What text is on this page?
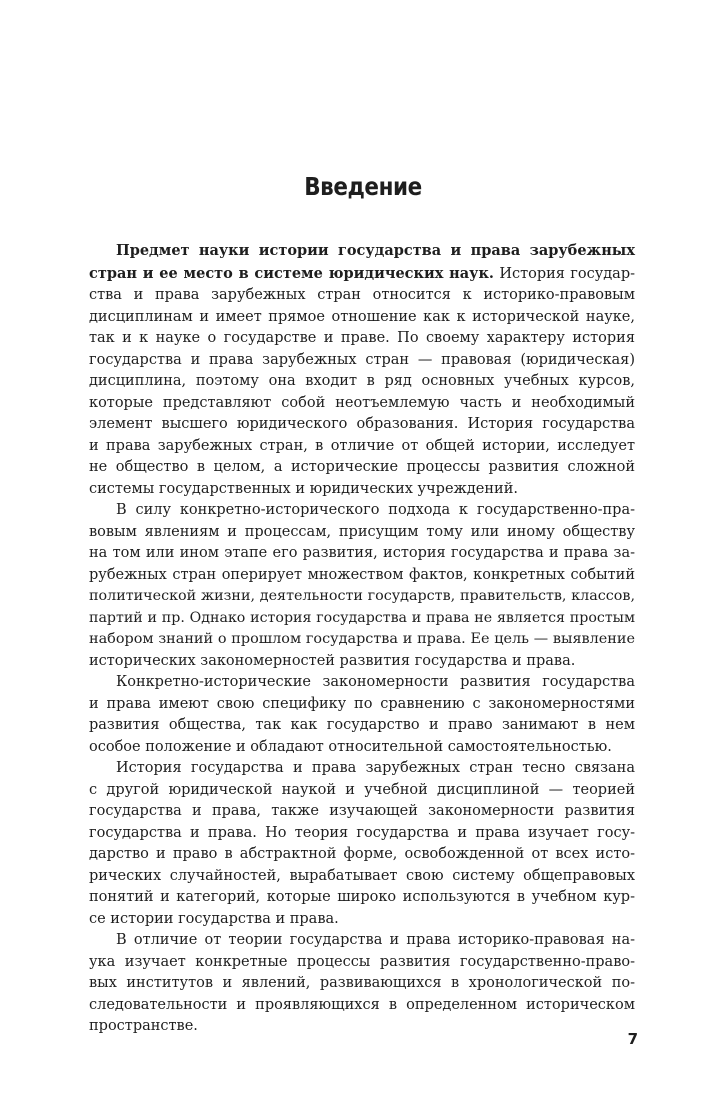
Введение
Предмет науки истории государства и права зарубежных
стран и ее место в системе юридических наук. История государ-
ства и права зарубежных стран относится к историко-правовым
дисциплинам и имеет прямое отношение как к исторической науке,
так и к науке о государстве и праве. По своему характеру история
государства и права зарубежных стран — правовая (юридическая)
дисциплина, поэтому она входит в ряд основных учебных курсов,
которые представляют собой неотъемлемую часть и необходимый
элемент высшего юридического образования. История государства
и права зарубежных стран, в отличие от общей истории, исследует
не общество в целом, а исторические процессы развития сложной
системы государственных и юридических учреждений.
В силу конкретно-исторического подхода к государственно-пра-
вовым явлениям и процессам, присущим тому или иному обществу
на том или ином этапе его развития, история государства и права за-
рубежных стран оперирует множеством фактов, конкретных событий
политической жизни, деятельности государств, правительств, классов,
партий и пр. Однако история государства и права не является простым
набором знаний о прошлом государства и права. Ее цель — выявление
исторических закономерностей развития государства и права.
Конкретно-исторические закономерности развития государства
и права имеют свою специфику по сравнению с закономерностями
развития общества, так как государство и право занимают в нем
особое положение и обладают относительной самостоятельностью.
История государства и права зарубежных стран тесно связана
с другой юридической наукой и учебной дисциплиной — теорией
государства и права, также изучающей закономерности развития
государства и права. Но теория государства и права изучает госу-
дарство и право в абстрактной форме, освобожденной от всех исто-
рических случайностей, вырабатывает свою систему общеправовых
понятий и категорий, которые широко используются в учебном кур-
се истории государства и права.
В отличие от теории государства и права историко-правовая на-
ука изучает конкретные процессы развития государственно-право-
вых институтов и явлений, развивающихся в хронологической по-
следовательности и проявляющихся в определенном историческом
пространстве.

7
